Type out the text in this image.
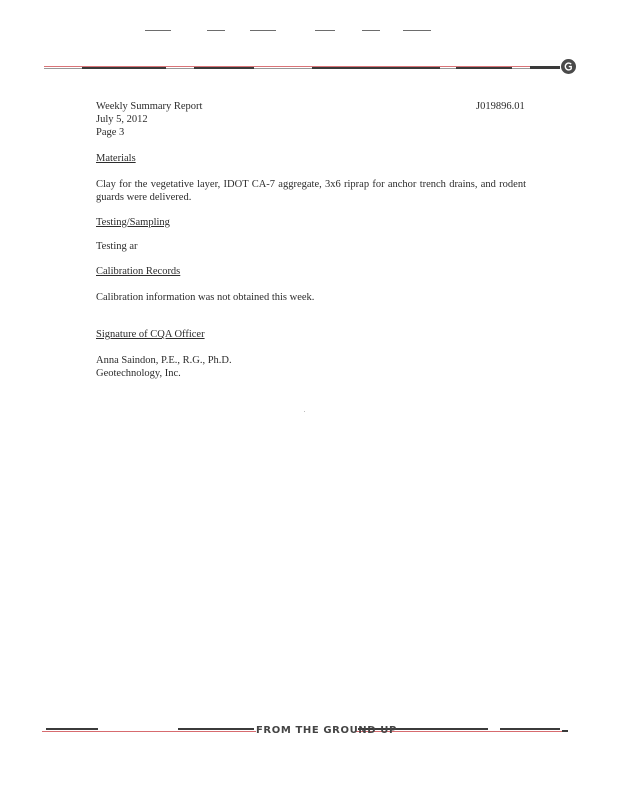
Weekly Summary Report
July 5, 2012
Page 3
J019896.01
Materials
Clay for the vegetative layer, IDOT CA-7 aggregate, 3x6 riprap for anchor trench drains, and rodent guards were delivered.
Testing/Sampling
Testing ar
Calibration Records
Calibration information was not obtained this week.
Signature of CQA Officer
Anna Saindon, P.E., R.G., Ph.D.
Geotechnology, Inc.
FROM THE GROUND UP
